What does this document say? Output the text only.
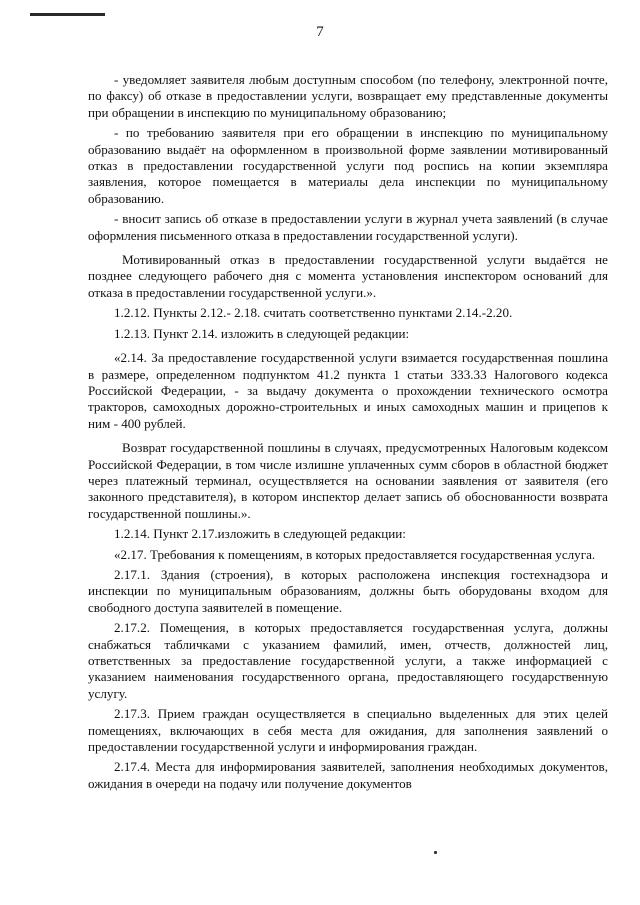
7

- уведомляет заявителя любым доступным способом (по телефону, электронной почте, по факсу) об отказе в предоставлении услуги, возвращает ему представленные документы при обращении в инспекцию по муниципальному образованию;

- по требованию заявителя при его обращении в инспекцию по муниципальному образованию выдаёт на оформленном в произвольной форме заявлении мотивированный отказ в предоставлении государственной услуги под роспись на копии экземпляра заявления, которое помещается в материалы дела инспекции по муниципальному образованию.

- вносит запись об отказе в предоставлении услуги в журнал учета заявлений (в случае оформления письменного отказа в предоставлении государственной услуги).

Мотивированный отказ в предоставлении государственной услуги выдаётся не позднее следующего рабочего дня с момента установления инспектором оснований для отказа в предоставлении государственной услуги.».

1.2.12. Пункты 2.12.- 2.18. считать соответственно пунктами 2.14.-2.20.

1.2.13. Пункт 2.14. изложить в следующей редакции:

«2.14. За предоставление государственной услуги взимается государственная пошлина в размере, определенном подпунктом 41.2 пункта 1 статьи 333.33 Налогового кодекса Российской Федерации, - за выдачу документа о прохождении технического осмотра тракторов, самоходных дорожно-строительных и иных самоходных машин и прицепов к ним - 400 рублей.

Возврат государственной пошлины в случаях, предусмотренных Налоговым кодексом Российской Федерации, в том числе излишне уплаченных сумм сборов в областной бюджет через платежный терминал, осуществляется на основании заявления от заявителя (его законного представителя), в котором инспектор делает запись об обоснованности возврата государственной пошлины.».

1.2.14. Пункт 2.17.изложить в следующей редакции:

«2.17. Требования к помещениям, в которых предоставляется государственная услуга.

2.17.1. Здания (строения), в которых расположена инспекция гостехнадзора и инспекции по муниципальным образованиям, должны быть оборудованы входом для свободного доступа заявителей в помещение.

2.17.2. Помещения, в которых предоставляется государственная услуга, должны снабжаться табличками с указанием фамилий, имен, отчеств, должностей лиц, ответственных за предоставление государственной услуги, а также информацией с указанием наименования государственного органа, предоставляющего государственную услугу.

2.17.3. Прием граждан осуществляется в специально выделенных для этих целей помещениях, включающих в себя места для ожидания, для заполнения заявлений о предоставлении государственной услуги и информирования граждан.

2.17.4. Места для информирования заявителей, заполнения необходимых документов, ожидания в очереди на подачу или получение документов
